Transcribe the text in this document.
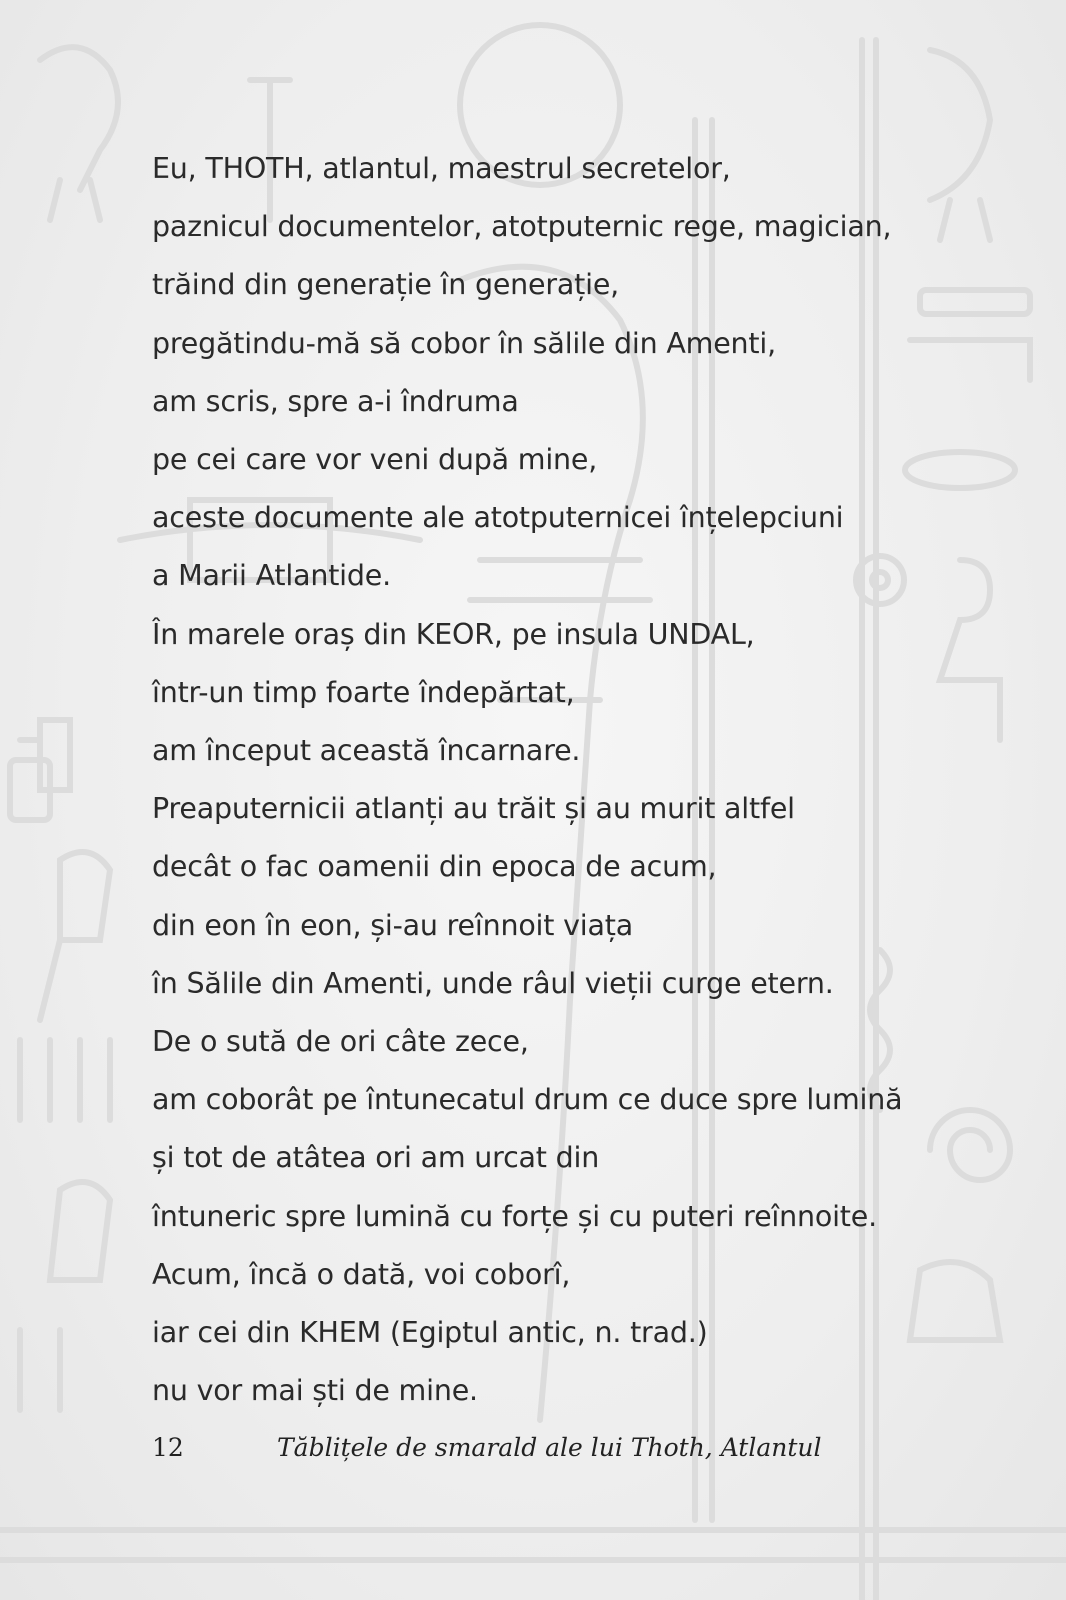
Eu, THOTH, atlantul, maestrul secretelor,
paznicul documentelor, atotputernic rege, magician,
trăind din generație în generație,
pregătindu-mă să cobor în sălile din Amenti,
am scris, spre a-i îndruma
pe cei care vor veni după mine,
aceste documente ale atotputernicei înțelepciuni
a Marii Atlantide.
În marele oraș din KEOR, pe insula UNDAL,
într-un timp foarte îndepărtat,
am început această încarnare.
Preaputernicii atlanți au trăit și au murit altfel
decât o fac oamenii din epoca de acum,
din eon în eon, și-au reînnoit viața
în Sălile din Amenti, unde râul vieții curge etern.
De o sută de ori câte zece,
am coborât pe întunecatul drum ce duce spre lumină
și tot de atâtea ori am urcat din
întuneric spre lumină cu forțe și cu puteri reînnoite.
Acum, încă o dată, voi coborî,
iar cei din KHEM (Egiptul antic, n. trad.)
nu vor mai ști de mine.
12	Tăblițele de smarald ale lui Thoth, Atlantul
